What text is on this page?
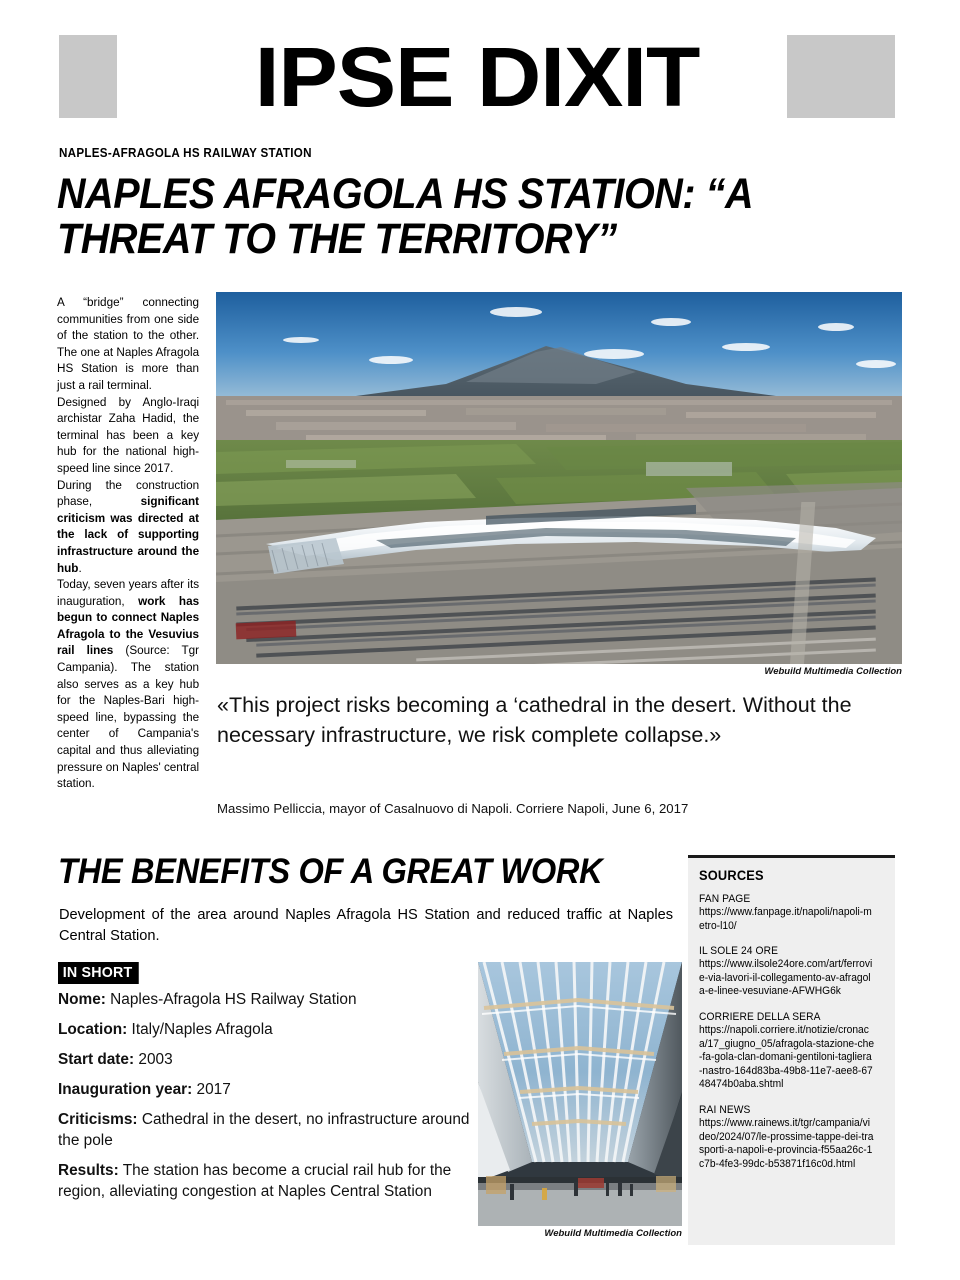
IPSE DIXIT
NAPLES-AFRAGOLA HS RAILWAY STATION
NAPLES AFRAGOLA HS STATION: “A THREAT TO THE TERRITORY”

A “bridge” connecting communities from one side of the station to the other. The one at Naples Afragola HS Station is more than just a rail terminal.

Designed by Anglo-Iraqi archistar Zaha Hadid, the terminal has been a key hub for the national high-speed line since 2017.

During the construction phase, significant criticism was directed at the lack of supporting infrastructure around the hub.

Today, seven years after its inauguration, work has begun to connect Naples Afragola to the Vesuvius rail lines (Source: Tgr Campania). The station also serves as a key hub for the Naples-Bari high-speed line, bypassing the center of Campania's capital and thus alleviating pressure on Naples' central station.

Webuild Multimedia Collection
«This project risks becoming a ‘cathedral in the desert. Without the necessary infrastructure, we risk complete collapse.»
Massimo Pelliccia, mayor of Casalnuovo di Napoli. Corriere Napoli, June 6, 2017
THE BENEFITS OF A GREAT WORK
Development of the area around Naples Afragola HS Station and reduced traffic at Naples Central Station.
IN SHORT
Nome: Naples-Afragola HS Railway Station
Location: Italy/Naples Afragola
Start date: 2003
Inauguration year: 2017
Criticisms: Cathedral in the desert, no infrastructure around the pole
Results: The station has become a crucial rail hub for the region, alleviating congestion at Naples Central Station
Webuild Multimedia Collection
SOURCES
FAN PAGE
https://www.fanpage.it/napoli/napoli-metro-l10/
IL SOLE 24 ORE
https://www.ilsole24ore.com/art/ferrovie-via-lavori-il-collegamento-av-afragola-e-linee-vesuviane-AFWHG6k
CORRIERE DELLA SERA
https://napoli.corriere.it/notizie/cronaca/17_giugno_05/afragola-stazione-che-fa-gola-clan-domani-gentiloni-tagliera-nastro-164d83ba-49b8-11e7-aee8-6748474b0aba.shtml
RAI NEWS
https://www.rainews.it/tgr/campania/video/2024/07/le-prossime-tappe-dei-trasporti-a-napoli-e-provincia-f55aa26c-1c7b-4fe3-99dc-b53871f16c0d.html
